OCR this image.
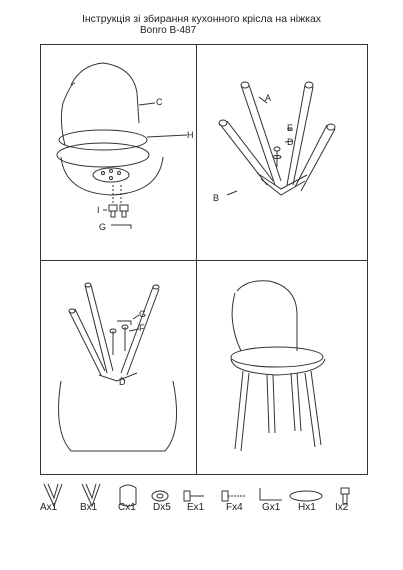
Інструкція зі збирання кухонного крісла на ніжках
Bonro B-487
C
H
I
G
A
E
D
B
G
F
D
Ax1 Bx1 Cx1 Dx5 Ex1 Fx4 Gx1 Hx1 Ix2
